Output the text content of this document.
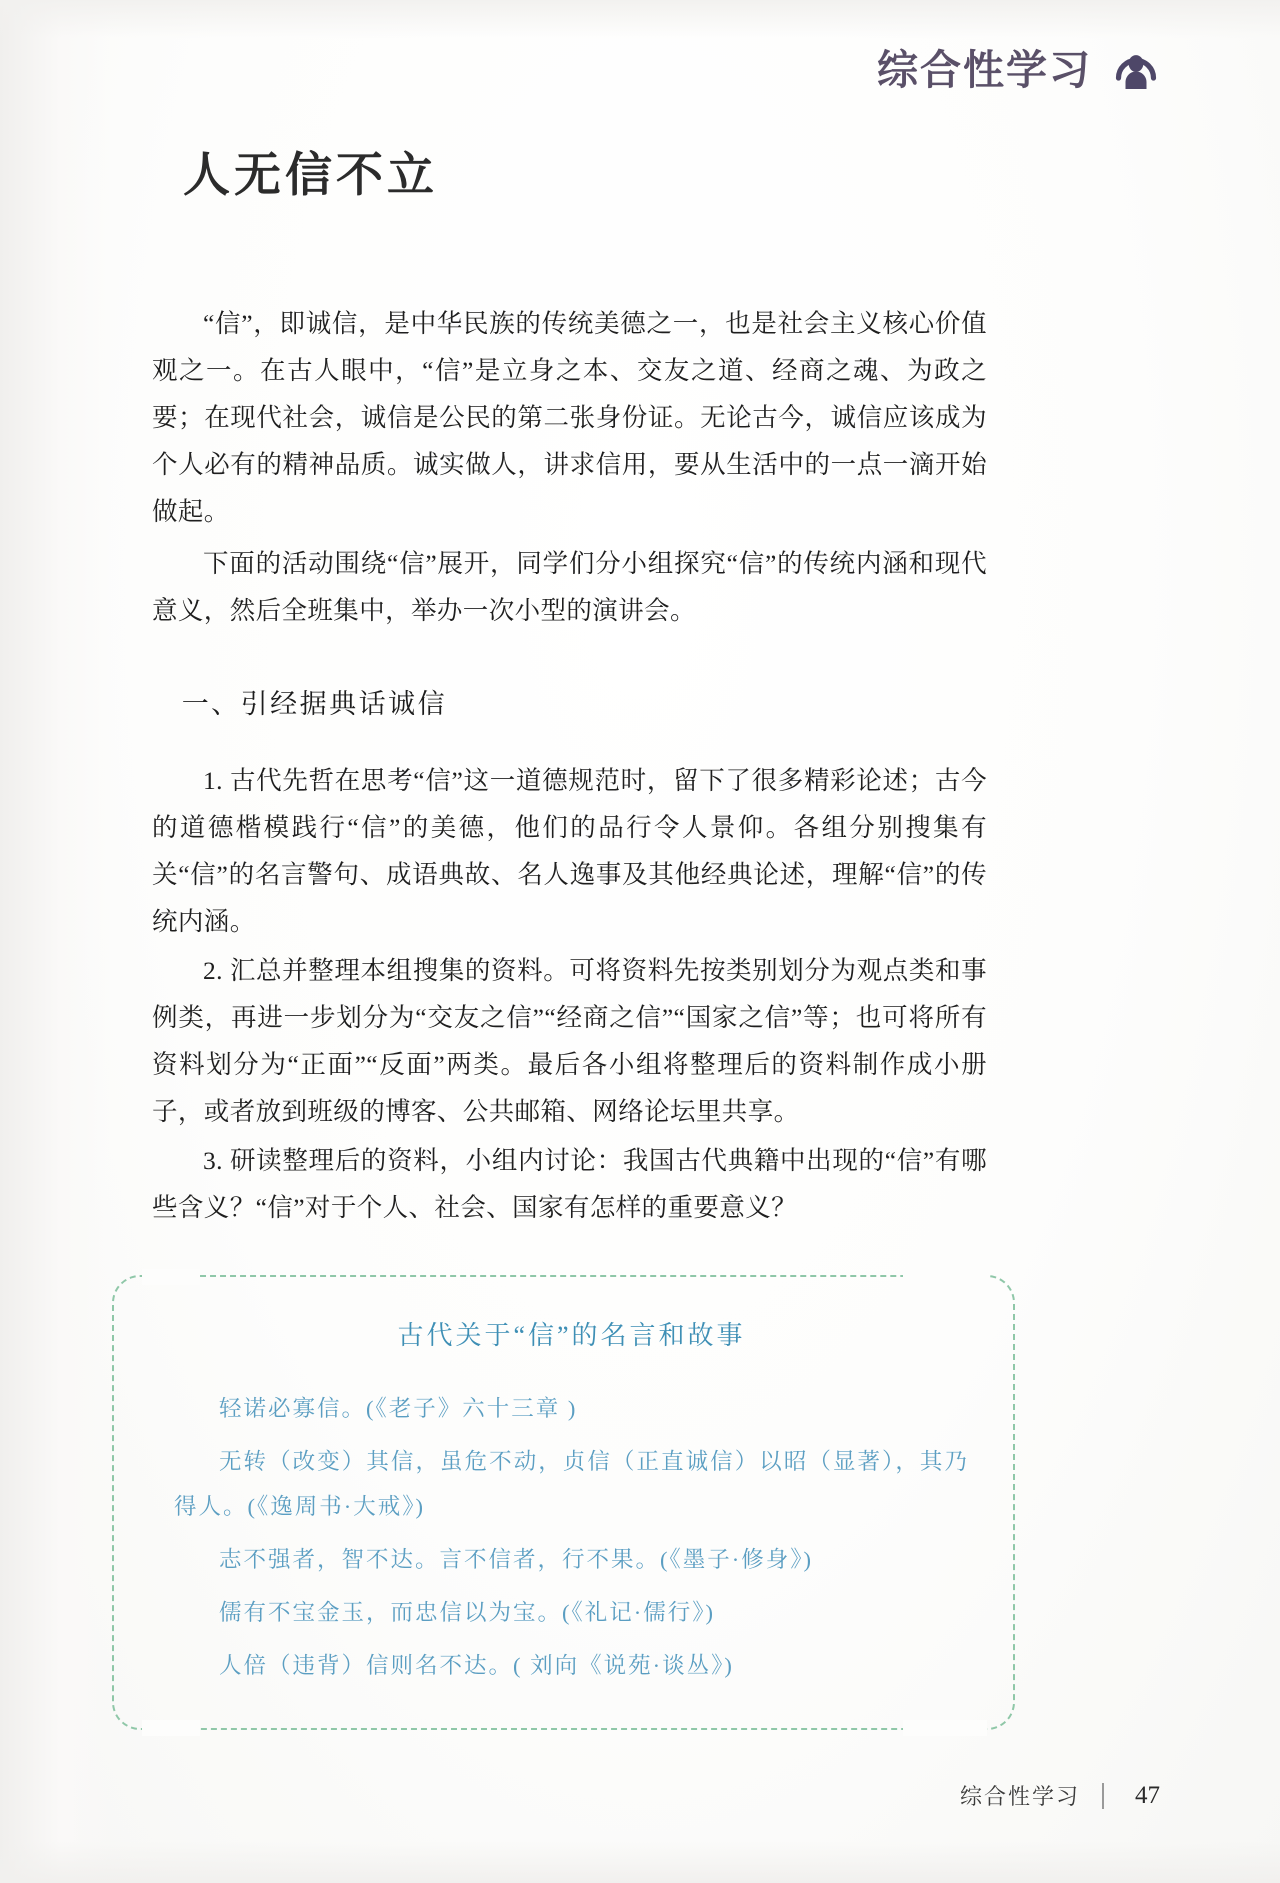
综合性学习
人无信不立

“信”，即诚信，是中华民族的传统美德之一，也是社会主义核心价值观之一。在古人眼中，“信”是立身之本、交友之道、经商之魂、为政之要；在现代社会，诚信是公民的第二张身份证。无论古今，诚信应该成为个人必有的精神品质。诚实做人，讲求信用，要从生活中的一点一滴开始做起。

下面的活动围绕“信”展开，同学们分小组探究“信”的传统内涵和现代意义，然后全班集中，举办一次小型的演讲会。

一、引经据典话诚信

1. 古代先哲在思考“信”这一道德规范时，留下了很多精彩论述；古今的道德楷模践行“信”的美德，他们的品行令人景仰。各组分别搜集有关“信”的名言警句、成语典故、名人逸事及其他经典论述，理解“信”的传统内涵。

2. 汇总并整理本组搜集的资料。可将资料先按类别划分为观点类和事例类，再进一步划分为“交友之信”“经商之信”“国家之信”等；也可将所有资料划分为“正面”“反面”两类。最后各小组将整理后的资料制作成小册子，或者放到班级的博客、公共邮箱、网络论坛里共享。

3. 研读整理后的资料，小组内讨论：我国古代典籍中出现的“信”有哪些含义？“信”对于个人、社会、国家有怎样的重要意义？

古代关于“信”的名言和故事

轻诺必寡信。(《老子》六十三章 )

无转（改变）其信，虽危不动，贞信（正直诚信）以昭（显著），其乃得人。(《逸周书·大戒》)

志不强者，智不达。言不信者，行不果。(《墨子·修身》)

儒有不宝金玉，而忠信以为宝。(《礼记·儒行》)

人倍（违背）信则名不达。( 刘向《说苑·谈丛》)

综合性学习	47
